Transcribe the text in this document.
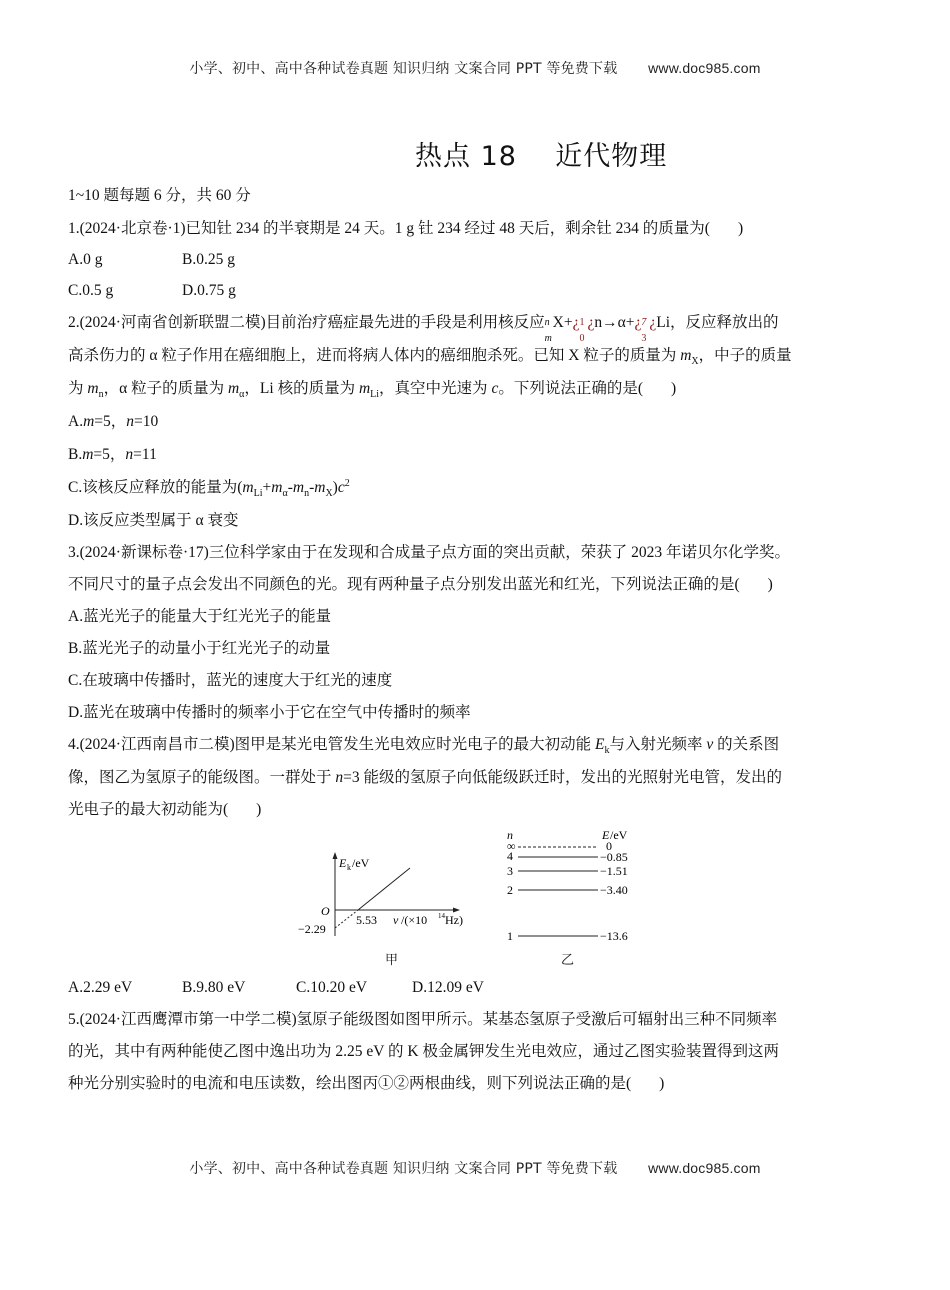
小学、初中、高中各种试卷真题 知识归纳 文案合同 PPT 等免费下载 www.doc985.com
热点 18    近代物理
1~10 题每题 6 分，共 60 分
1.(2024·北京卷·1)已知钍 234 的半衰期是 24 天。1 g 钍 234 经过 48 天后，剩余钍 234 的质量为( )
A.0 g	B.0.25 g
C.0.5 g	D.0.75 g
2.(2024·河南省创新联盟二模)目前治疗癌症最先进的手段是利用核反应 n
m
X+¿ 1
0
¿n→α+¿ 7
3
¿Li，反应释放出的
高杀伤力的 α 粒子作用在癌细胞上，进而将病人体内的癌细胞杀死。已知 X 粒子的质量为 $m_X$，中子的质量
为 $m_n$，α 粒子的质量为 $m_\alpha$，Li 核的质量为 $m_{Li}$，真空中光速为 c。下列说法正确的是( )
A.m=5，n=10
B.m=5，n=11
C.该核反应释放的能量为$(m_{Li}+m_\alpha-m_n-m_X)c^2$
D.该反应类型属于 α 衰变
3.(2024·新课标卷·17)三位科学家由于在发现和合成量子点方面的突出贡献，荣获了 2023 年诺贝尔化学奖。
不同尺寸的量子点会发出不同颜色的光。现有两种量子点分别发出蓝光和红光，下列说法正确的是( )
A.蓝光光子的能量大于红光光子的能量
B.蓝光光子的动量小于红光光子的动量
C.在玻璃中传播时，蓝光的速度大于红光的速度
D.蓝光在玻璃中传播时的频率小于它在空气中传播时的频率
4.(2024·江西南昌市二模)图甲是某光电管发生光电效应时光电子的最大初动能 $E_k$与入射光频率 v 的关系图
像，图乙为氢原子的能级图。一群处于 n=3 能级的氢原子向低能级跃迁时，发出的光照射光电管，发出的
光电子的最大初动能为( )
A.2.29 eV	B.9.80 eV	C.10.20 eV	D.12.09 eV
5.(2024·江西鹰潭市第一中学二模)氢原子能级图如图甲所示。某基态氢原子受激后可辐射出三种不同频率
的光，其中有两种能使乙图中逸出功为 2.25 eV 的 K 极金属钾发生光电效应，通过乙图实验装置得到这两
种光分别实验时的电流和电压读数，绘出图丙①②两根曲线，则下列说法正确的是( )
E k /eV
O
5.53
−2.29
ν /(×10 14 Hz)
甲
n	E /eV
∞	0
4	−0.85
3	−1.51
2	−3.40
1	−13.6
乙
小学、初中、高中各种试卷真题 知识归纳 文案合同 PPT 等免费下载 www.doc985.com
